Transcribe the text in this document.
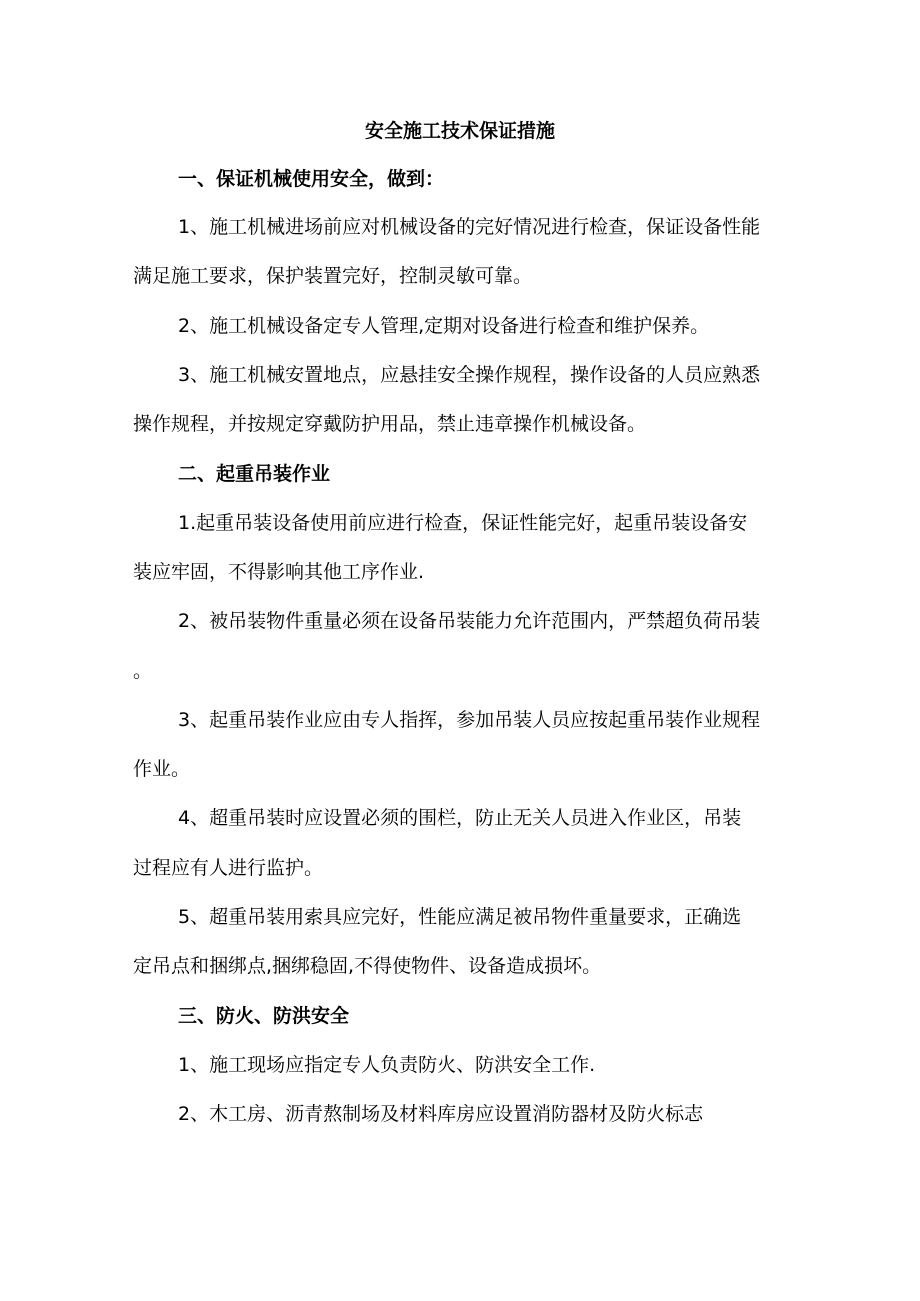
安全施工技术保证措施
一、保证机械使用安全，做到：
1、施工机械进场前应对机械设备的完好情况进行检查，保证设备性能
满足施工要求，保护装置完好，控制灵敏可靠。
2、施工机械设备定专人管理,定期对设备进行检查和维护保养。
3、施工机械安置地点，应悬挂安全操作规程，操作设备的人员应熟悉
操作规程，并按规定穿戴防护用品，禁止违章操作机械设备。
二、起重吊装作业
1.起重吊装设备使用前应进行检查，保证性能完好，起重吊装设备安
装应牢固，不得影响其他工序作业.
2、被吊装物件重量必须在设备吊装能力允许范围内，严禁超负荷吊装
。
3、起重吊装作业应由专人指挥，参加吊装人员应按起重吊装作业规程
作业。
4、超重吊装时应设置必须的围栏，防止无关人员进入作业区，吊装
过程应有人进行监护。
5、超重吊装用索具应完好，性能应满足被吊物件重量要求，正确选
定吊点和捆绑点,捆绑稳固,不得使物件、设备造成损坏。
三、防火、防洪安全
1、施工现场应指定专人负责防火、防洪安全工作.
2、木工房、沥青熬制场及材料库房应设置消防器材及防火标志
